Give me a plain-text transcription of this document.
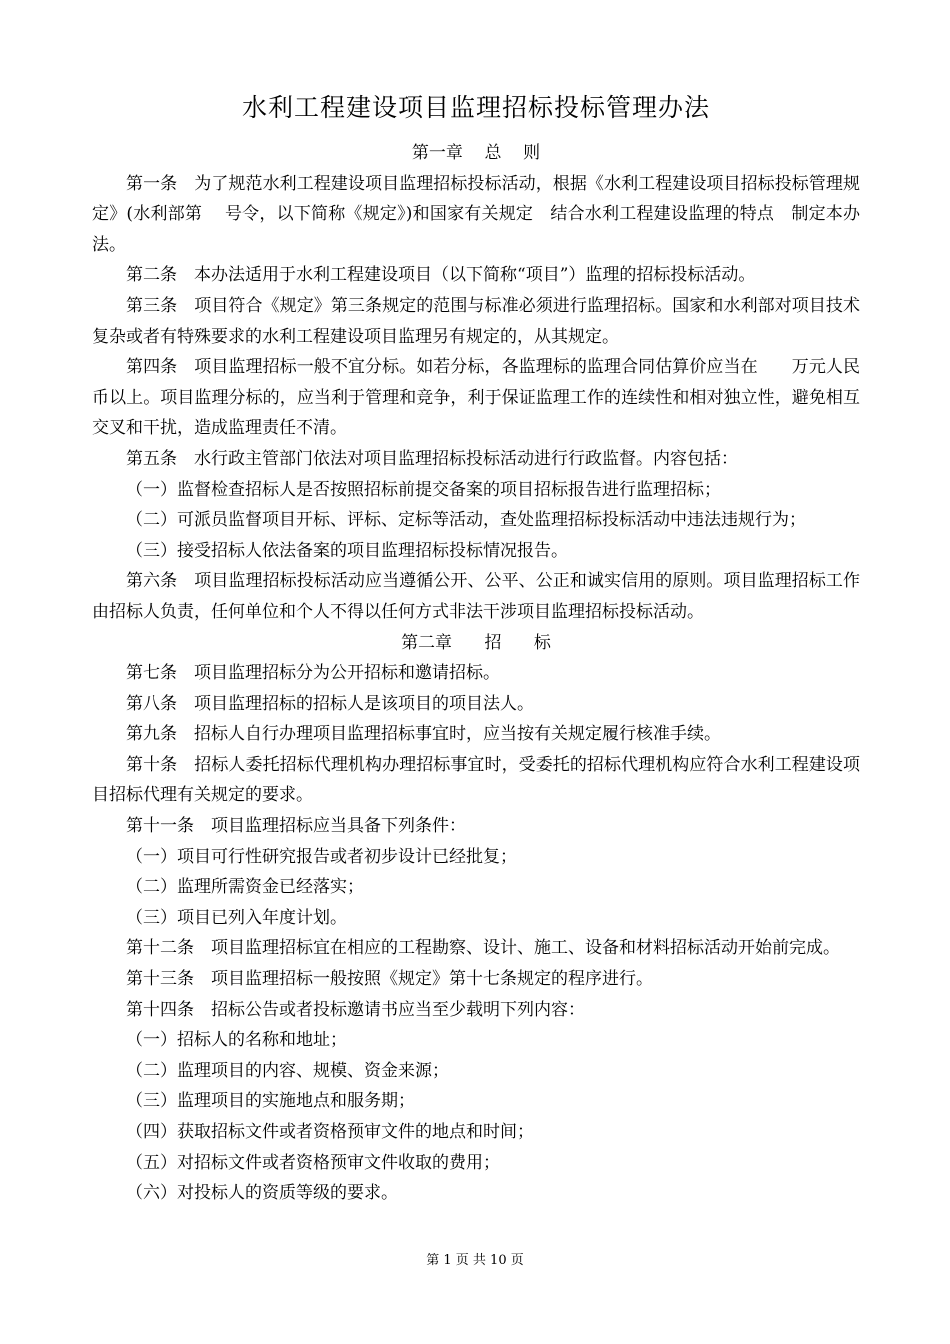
水利工程建设项目监理招标投标管理办法
第一章    总    则

第一条　为了规范水利工程建设项目监理招标投标活动，根据《水利工程建设项目招标投标管理规定》(水利部第　 号令，以下简称《规定》)和国家有关规定　结合水利工程建设监理的特点　制定本办法。

第二条　本办法适用于水利工程建设项目（以下简称“项目”）监理的招标投标活动。

第三条　项目符合《规定》第三条规定的范围与标准必须进行监理招标。国家和水利部对项目技术复杂或者有特殊要求的水利工程建设项目监理另有规定的，从其规定。

第四条　项目监理招标一般不宜分标。如若分标，各监理标的监理合同估算价应当在　　万元人民币以上。项目监理分标的，应当利于管理和竞争，利于保证监理工作的连续性和相对独立性，避免相互交叉和干扰，造成监理责任不清。

第五条　水行政主管部门依法对项目监理招标投标活动进行行政监督。内容包括：

（一）监督检查招标人是否按照招标前提交备案的项目招标报告进行监理招标；

（二）可派员监督项目开标、评标、定标等活动，查处监理招标投标活动中违法违规行为；

（三）接受招标人依法备案的项目监理招标投标情况报告。

第六条　项目监理招标投标活动应当遵循公开、公平、公正和诚实信用的原则。项目监理招标工作由招标人负责，任何单位和个人不得以任何方式非法干涉项目监理招标投标活动。

第二章      招      标

第七条　项目监理招标分为公开招标和邀请招标。

第八条　项目监理招标的招标人是该项目的项目法人。

第九条　招标人自行办理项目监理招标事宜时，应当按有关规定履行核准手续。

第十条　招标人委托招标代理机构办理招标事宜时，受委托的招标代理机构应符合水利工程建设项目招标代理有关规定的要求。

第十一条　项目监理招标应当具备下列条件：

（一）项目可行性研究报告或者初步设计已经批复；

（二）监理所需资金已经落实；

（三）项目已列入年度计划。

第十二条　项目监理招标宜在相应的工程勘察、设计、施工、设备和材料招标活动开始前完成。

第十三条　项目监理招标一般按照《规定》第十七条规定的程序进行。

第十四条　招标公告或者投标邀请书应当至少载明下列内容：

（一）招标人的名称和地址；

（二）监理项目的内容、规模、资金来源；

（三）监理项目的实施地点和服务期；

（四）获取招标文件或者资格预审文件的地点和时间；

（五）对招标文件或者资格预审文件收取的费用；

（六）对投标人的资质等级的要求。

第 1 页 共 10 页
